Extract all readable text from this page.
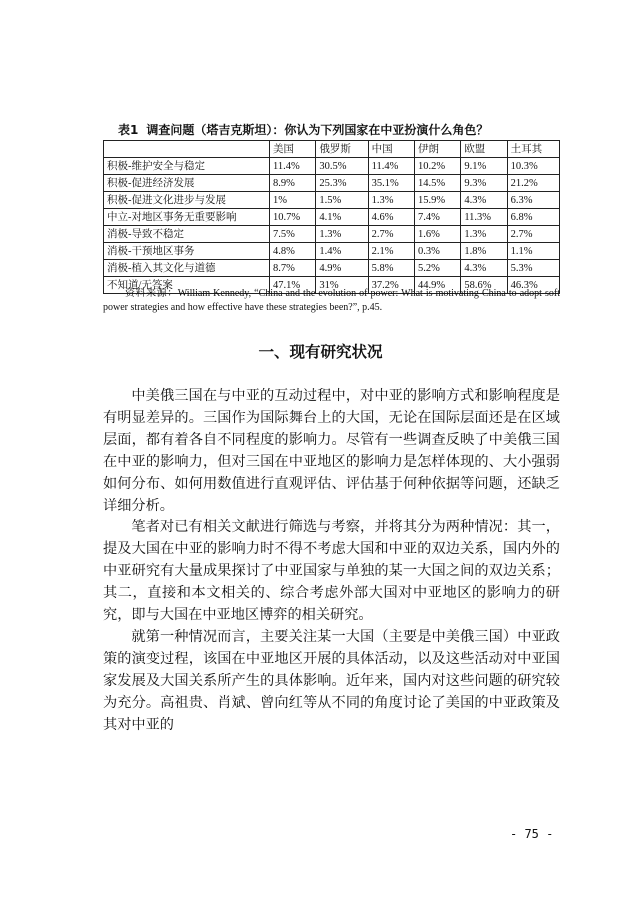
表1 调查问题（塔吉克斯坦）：你认为下列国家在中亚扮演什么角色？
	美国	俄罗斯	中国	伊朗	欧盟	土耳其
积极-维护安全与稳定	11.4%	30.5%	11.4%	10.2%	9.1%	10.3%
积极-促进经济发展	8.9%	25.3%	35.1%	14.5%	9.3%	21.2%
积极-促进文化进步与发展	1%	1.5%	1.3%	15.9%	4.3%	6.3%
中立-对地区事务无重要影响	10.7%	4.1%	4.6%	7.4%	11.3%	6.8%
消极-导致不稳定	7.5%	1.3%	2.7%	1.6%	1.3%	2.7%
消极-干预地区事务	4.8%	1.4%	2.1%	0.3%	1.8%	1.1%
消极-植入其文化与道德	8.7%	4.9%	5.8%	5.2%	4.3%	5.3%
不知道/无答案	47.1%	31%	37.2%	44.9%	58.6%	46.3%
资料来源：William Kennedy, “China and the evolution of power: What is motivating China to adopt soft power strategies and how effective have these strategies been?”, p.45.
一、现有研究状况

中美俄三国在与中亚的互动过程中，对中亚的影响方式和影响程度是有明显差异的。三国作为国际舞台上的大国，无论在国际层面还是在区域层面，都有着各自不同程度的影响力。尽管有一些调查反映了中美俄三国在中亚的影响力，但对三国在中亚地区的影响力是怎样体现的、大小强弱如何分布、如何用数值进行直观评估、评估基于何种依据等问题，还缺乏详细分析。

笔者对已有相关文献进行筛选与考察，并将其分为两种情况：其一，提及大国在中亚的影响力时不得不考虑大国和中亚的双边关系，国内外的中亚研究有大量成果探讨了中亚国家与单独的某一大国之间的双边关系；其二，直接和本文相关的、综合考虑外部大国对中亚地区的影响力的研究，即与大国在中亚地区博弈的相关研究。

就第一种情况而言，主要关注某一大国（主要是中美俄三国）中亚政策的演变过程，该国在中亚地区开展的具体活动，以及这些活动对中亚国家发展及大国关系所产生的具体影响。近年来，国内对这些问题的研究较为充分。高祖贵、肖斌、曾向红等从不同的角度讨论了美国的中亚政策及其对中亚的

- 75 -
